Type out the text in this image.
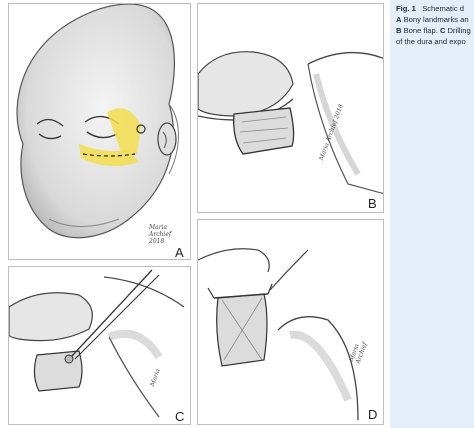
Maria
Archief
2018
A
Maria Archief 2018
B
Maria
C
Maria Archief
D
Fig. 1 Schematic d
A Bony landmarks an
B Bone flap. C Drilling
of the dura and expo
